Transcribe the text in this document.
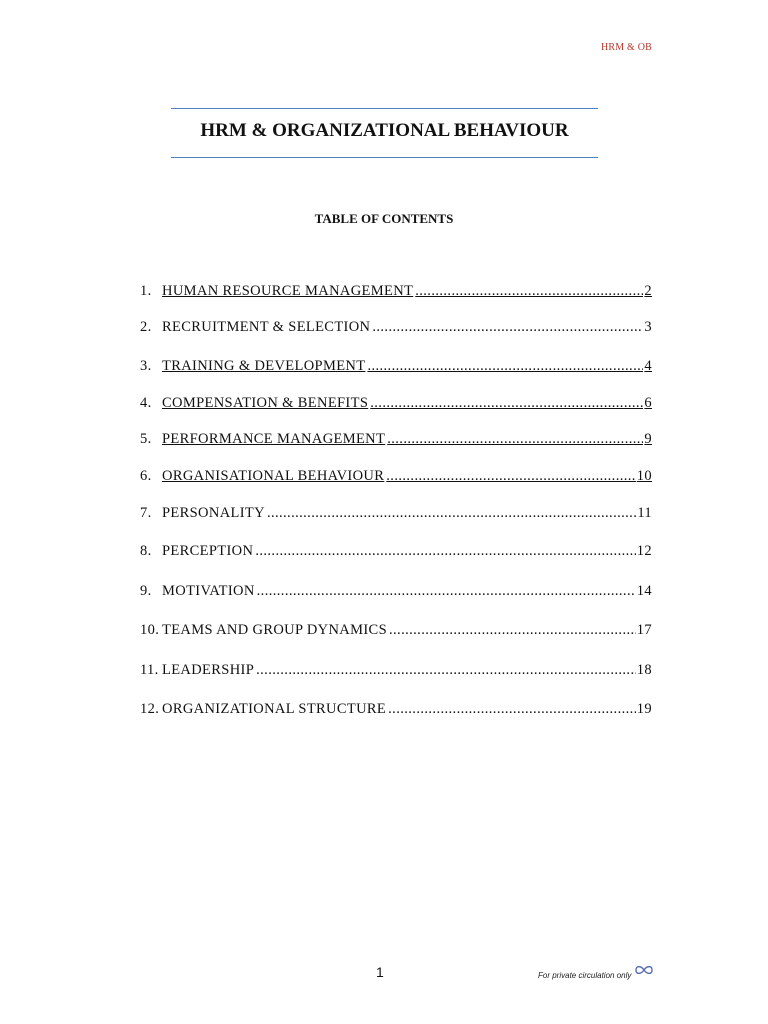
HRM & OB
HRM & ORGANIZATIONAL BEHAVIOUR
TABLE OF CONTENTS
1. HUMAN RESOURCE MANAGEMENT .....	2
2. RECRUITMENT & SELECTION .....	3
3. TRAINING & DEVELOPMENT .....	4
4. COMPENSATION & BENEFITS .....	6
5. PERFORMANCE MANAGEMENT .....	9
6. ORGANISATIONAL BEHAVIOUR .....	10
7. PERSONALITY .....	11
8. PERCEPTION .....	12
9. MOTIVATION .....	14
10. TEAMS AND GROUP DYNAMICS .....	17
11. LEADERSHIP .....	18
12. ORGANIZATIONAL STRUCTURE .....	19
1	For private circulation only
